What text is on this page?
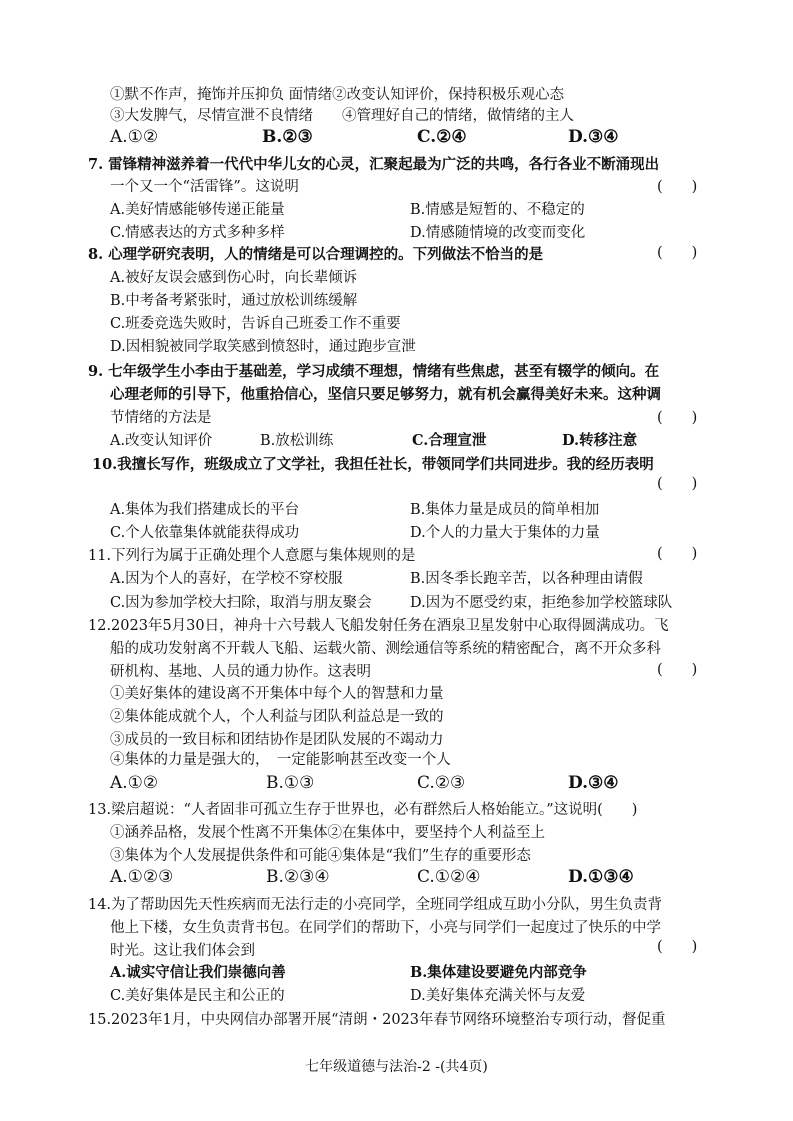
①默不作声，掩饰并压抑负 面情绪②改变认知评价，保持积极乐观心态
③大发脾气，尽情宣泄不良情绪　　④管理好自己的情绪，做情绪的主人
A.①②	B.②③	C.②④	D.③④
7. 雷锋精神滋养着一代代中华儿女的心灵，汇聚起最为广泛的共鸣，各行各业不断涌现出
一个又一个“活雷锋”。这说明	(　　)
A.美好情感能够传递正能量	B.情感是短暂的、不稳定的
C.情感表达的方式多种多样	D.情感随情境的改变而变化
8. 心理学研究表明，人的情绪是可以合理调控的。下列做法不恰当的是	(　　)
A.被好友误会感到伤心时，向长辈倾诉
B.中考备考紧张时，通过放松训练缓解
C.班委竞选失败时，告诉自己班委工作不重要
D.因相貌被同学取笑感到愤怒时，通过跑步宣泄
9. 七年级学生小李由于基础差，学习成绩不理想，情绪有些焦虑，甚至有辍学的倾向。在
心理老师的引导下，他重拾信心，坚信只要足够努力，就有机会赢得美好未来。这种调
节情绪的方法是	(　　)
A.改变认知评价	B.放松训练	C.合理宣泄	D.转移注意
10.我擅长写作，班级成立了文学社，我担任社长，带领同学们共同进步。我的经历表明
(　　)
A.集体为我们搭建成长的平台	B.集体力量是成员的简单相加
C.个人依靠集体就能获得成功	D.个人的力量大于集体的力量
11.下列行为属于正确处理个人意愿与集体规则的是	(　　)
A.因为个人的喜好，在学校不穿校服	B.因冬季长跑辛苦，以各种理由请假
C.因为参加学校大扫除，取消与朋友聚会	D.因为不愿受约束，拒绝参加学校篮球队
12.2023年5月30日，神舟十六号载人飞船发射任务在酒泉卫星发射中心取得圆满成功。飞
船的成功发射离不开载人飞船、运载火箭、测绘通信等系统的精密配合，离不开众多科
研机构、基地、人员的通力协作。这表明	(　　)
①美好集体的建设离不开集体中每个人的智慧和力量
②集体能成就个人，个人利益与团队利益总是一致的
③成员的一致目标和团结协作是团队发展的不竭动力
④集体的力量是强大的，　一定能影响甚至改变一个人
A.①②	B.①③	C.②③	D.③④
13.梁启超说：“人者固非可孤立生存于世界也，必有群然后人格始能立。”这说明(　　)
①涵养品格，发展个性离不开集体②在集体中，要坚持个人利益至上
③集体为个人发展提供条件和可能④集体是“我们”生存的重要形态
A.①②③	B.②③④	C.①②④	D.①③④
14.为了帮助因先天性疾病而无法行走的小亮同学，全班同学组成互助小分队，男生负责背
他上下楼，女生负责背书包。在同学们的帮助下，小亮与同学们一起度过了快乐的中学
时光。这让我们体会到	(　　)
A.诚实守信让我们崇德向善	B.集体建设要避免内部竞争
C.美好集体是民主和公正的	D.美好集体充满关怀与友爱
15.2023年1月，中央网信办部署开展“清朗・2023年春节网络环境整治专项行动，督促重
七年级道德与法治-2 -(共4页)
